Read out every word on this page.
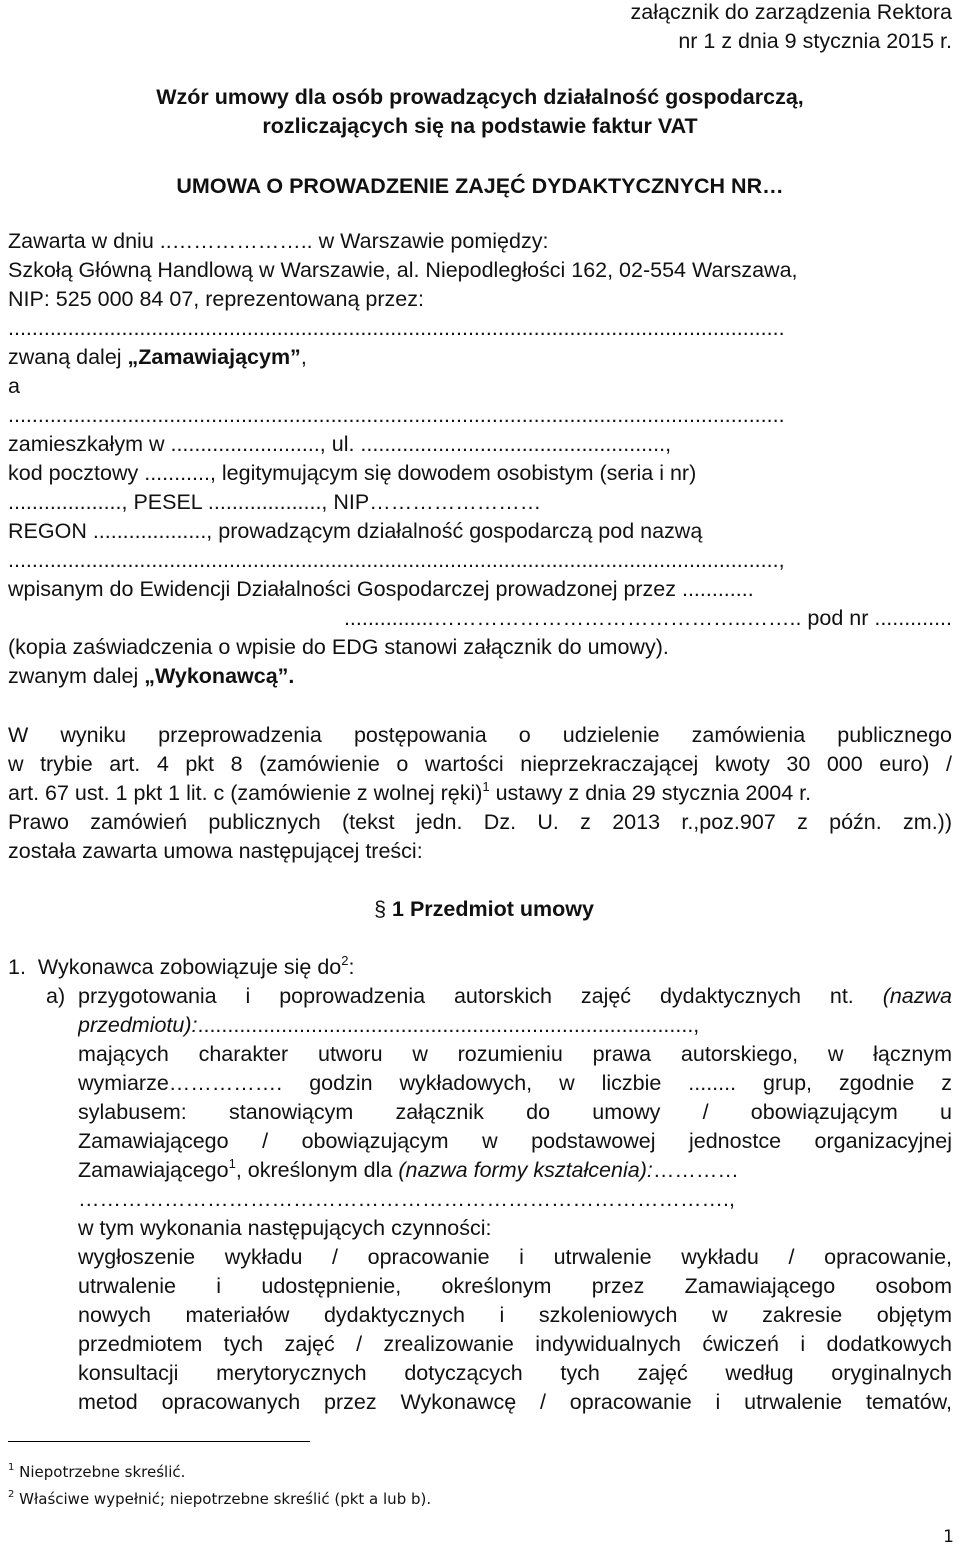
załącznik do zarządzenia Rektora
nr 1 z dnia 9 stycznia 2015 r.
Wzór umowy dla osób prowadzących działalność gospodarczą,
rozliczających się na podstawie faktur VAT
UMOWA O PROWADZENIE ZAJĘĆ DYDAKTYCZNYCH NR…
Zawarta w dniu ..……………….. w Warszawie pomiędzy:
Szkołą Główną Handlową w Warszawie, al. Niepodległości 162, 02-554 Warszawa,
NIP: 525 000 84 07, reprezentowaną przez:
..................................................................................................................................
zwaną dalej „Zamawiającym”,
a
..................................................................................................................................
zamieszkałym w ........................., ul. ...................................................,
kod pocztowy ..........., legitymującym się dowodem osobistym (seria i nr)
..................., PESEL ..................., NIP……………………
REGON ..................., prowadzącym działalność gospodarczą pod nazwą
.................................................................................................................................,
wpisanym do Ewidencji Działalności Gospodarczej prowadzonej przez ............
...............……………………………………..…….. pod nr .............
(kopia zaświadczenia o wpisie do EDG stanowi załącznik do umowy).
zwanym dalej „Wykonawcą”.
W wyniku przeprowadzenia postępowania o udzielenie zamówienia publicznego
w trybie art. 4 pkt 8 (zamówienie o wartości nieprzekraczającej kwoty 30 000 euro) /
art. 67 ust. 1 pkt 1 lit. c (zamówienie z wolnej ręki)$^1$ ustawy z dnia 29 stycznia 2004 r.
Prawo zamówień publicznych (tekst jedn. Dz. U. z 2013 r.,poz.907 z późn. zm.))
została zawarta umowa następującej treści:
§ 1 Przedmiot umowy
1. Wykonawca zobowiązuje się $do^2$:
a) przygotowania i poprowadzenia autorskich zajęć dydaktycznych nt. (nazwa
przedmiotu):...................................................................................,
mających charakter utworu w rozumieniu prawa autorskiego, w łącznym
wymiarze……………. godzin wykładowych, w liczbie ........ grup, zgodnie z
sylabusem: stanowiącym załącznik do umowy / obowiązującym u
Zamawiającego / obowiązującym w podstawowej jednostce organizacyjnej
Zamawiającego$^1$, określonym dla (nazwa formy kształcenia):…………
……………………………………………………………………………….,
w tym wykonania następujących czynności:
wygłoszenie wykładu / opracowanie i utrwalenie wykładu / opracowanie,
utrwalenie i udostępnienie, określonym przez Zamawiającego osobom
nowych materiałów dydaktycznych i szkoleniowych w zakresie objętym
przedmiotem tych zajęć / zrealizowanie indywidualnych ćwiczeń i dodatkowych
konsultacji merytorycznych dotyczących tych zajęć według oryginalnych
metod opracowanych przez Wykonawcę / opracowanie i utrwalenie tematów,
$^1$ Niepotrzebne skreślić.
$^2$ Właściwe wypełnić; niepotrzebne skreślić (pkt a lub b).
1
